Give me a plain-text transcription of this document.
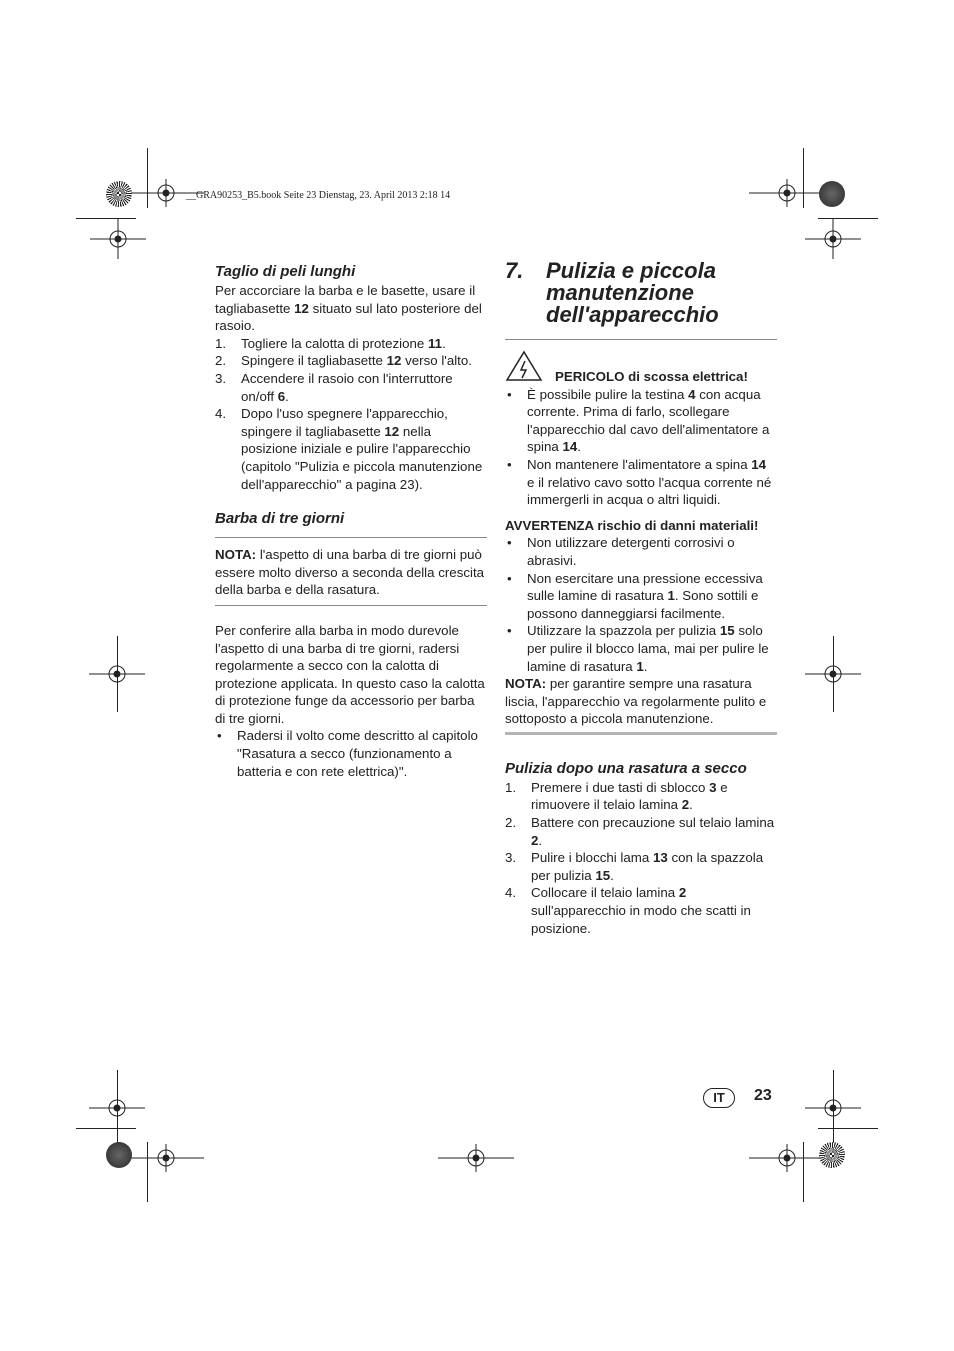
__GRA90253_B5.book Seite 23 Dienstag, 23. April 2013 2:18 14

Taglio di peli lunghi

Per accorciare la barba e le basette, usare il tagliabasette 12 situato sul lato posteriore del rasoio.

1. Togliere la calotta di protezione 11.
2. Spingere il tagliabasette 12 verso l'alto.
3. Accendere il rasoio con l'interruttore on/off 6.
4. Dopo l'uso spegnere l'apparecchio, spingere il tagliabasette 12 nella posizione iniziale e pulire l'apparecchio (capitolo "Pulizia e piccola manutenzione dell'apparecchio" a pagina 23).

Barba di tre giorni

NOTA: l'aspetto di una barba di tre giorni può essere molto diverso a seconda della crescita della barba e della rasatura.

Per conferire alla barba in modo durevole l'aspetto di una barba di tre giorni, radersi regolarmente a secco con la calotta di protezione applicata. In questo caso la calotta di protezione funge da accessorio per barba di tre giorni.

• Radersi il volto come descritto al capitolo "Rasatura a secco (funzionamento a batteria e con rete elettrica)".
7. Pulizia e piccola manutenzione dell'apparecchio

PERICOLO di scossa elettrica!

• È possibile pulire la testina 4 con acqua corrente. Prima di farlo, scollegare l'apparecchio dal cavo dell'alimentatore a spina 14.
• Non mantenere l'alimentatore a spina 14 e il relativo cavo sotto l'acqua corrente né immergerli in acqua o altri liquidi.

AVVERTENZA rischio di danni materiali!

• Non utilizzare detergenti corrosivi o abrasivi.
• Non esercitare una pressione eccessiva sulle lamine di rasatura 1. Sono sottili e possono danneggiarsi facilmente.
• Utilizzare la spazzola per pulizia 15 solo per pulire il blocco lama, mai per pulire le lamine di rasatura 1.

NOTA: per garantire sempre una rasatura liscia, l'apparecchio va regolarmente pulito e sottoposto a piccola manutenzione.

Pulizia dopo una rasatura a secco

1. Premere i due tasti di sblocco 3 e rimuovere il telaio lamina 2.
2. Battere con precauzione sul telaio lamina 2.
3. Pulire i blocchi lama 13 con la spazzola per pulizia 15.
4. Collocare il telaio lamina 2 sull'apparecchio in modo che scatti in posizione.
IT	23
